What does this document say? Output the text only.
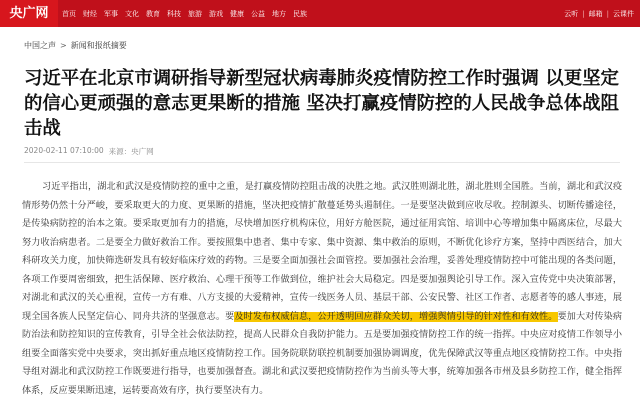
央广网	首页 财经 军事 文化 教育 科技 旅游 游戏 健康 公益 地方 民族	云听 | 邮箱 | 云课件
中国之声 > 新闻和报纸摘要
习近平在北京市调研指导新型冠状病毒肺炎疫情防控工作时强调 以更坚定的信心更顽强的意志更果断的措施 坚决打赢疫情防控的人民战争总体战阻击战
2020-02-11 07:10:00 来源：央广网

习近平指出，湖北和武汉是疫情防控的重中之重，是打赢疫情防控阻击战的决胜之地。武汉胜则湖北胜，湖北胜则全国胜。当前，湖北和武汉疫情形势仍然十分严峻，要采取更大的力度、更果断的措施，坚决把疫情扩散蔓延势头遏制住。一是要坚决做到应收尽收。控制源头、切断传播途径，是传染病防控的治本之策。要采取更加有力的措施，尽快增加医疗机构床位，用好方舱医院，通过征用宾馆、培训中心等增加集中隔离床位，尽最大努力收治病患者。二是要全力做好救治工作。要按照集中患者、集中专家、集中资源、集中救治的原则，不断优化诊疗方案，坚持中西医结合，加大科研攻关力度，加快筛选研发具有较好临床疗效的药物。三是要全面加强社会面管控。要加强社会治理，妥善处理疫情防控中可能出现的各类问题，各项工作要周密细致，把生活保障、医疗救治、心理干预等工作做到位，维护社会大局稳定。四是要加强舆论引导工作。深入宣传党中央决策部署，对湖北和武汉的关心重视，宣传一方有难、八方支援的大爱精神，宣传一线医务人员、基层干部、公安民警、社区工作者、志愿者等的感人事迹，展现全国各族人民坚定信心、同舟共济的坚强意志。要及时发布权威信息，公开透明回应群众关切，增强舆情引导的针对性和有效性。要加大对传染病防治法和防控知识的宣传教育，引导全社会依法防控，提高人民群众自我防护能力。五是要加强疫情防控工作的统一指挥。中央应对疫情工作领导小组要全面落实党中央要求，突出抓好重点地区疫情防控工作。国务院联防联控机制要加强协调调度，优先保障武汉等重点地区疫情防控工作。中央指导组对湖北和武汉防控工作既要进行指导，也要加强督查。湖北和武汉要把疫情防控作为当前头等大事，统筹加强各市州及县乡防控工作，健全指挥体系，反应要果断迅速，运转要高效有序，执行要坚决有力。
